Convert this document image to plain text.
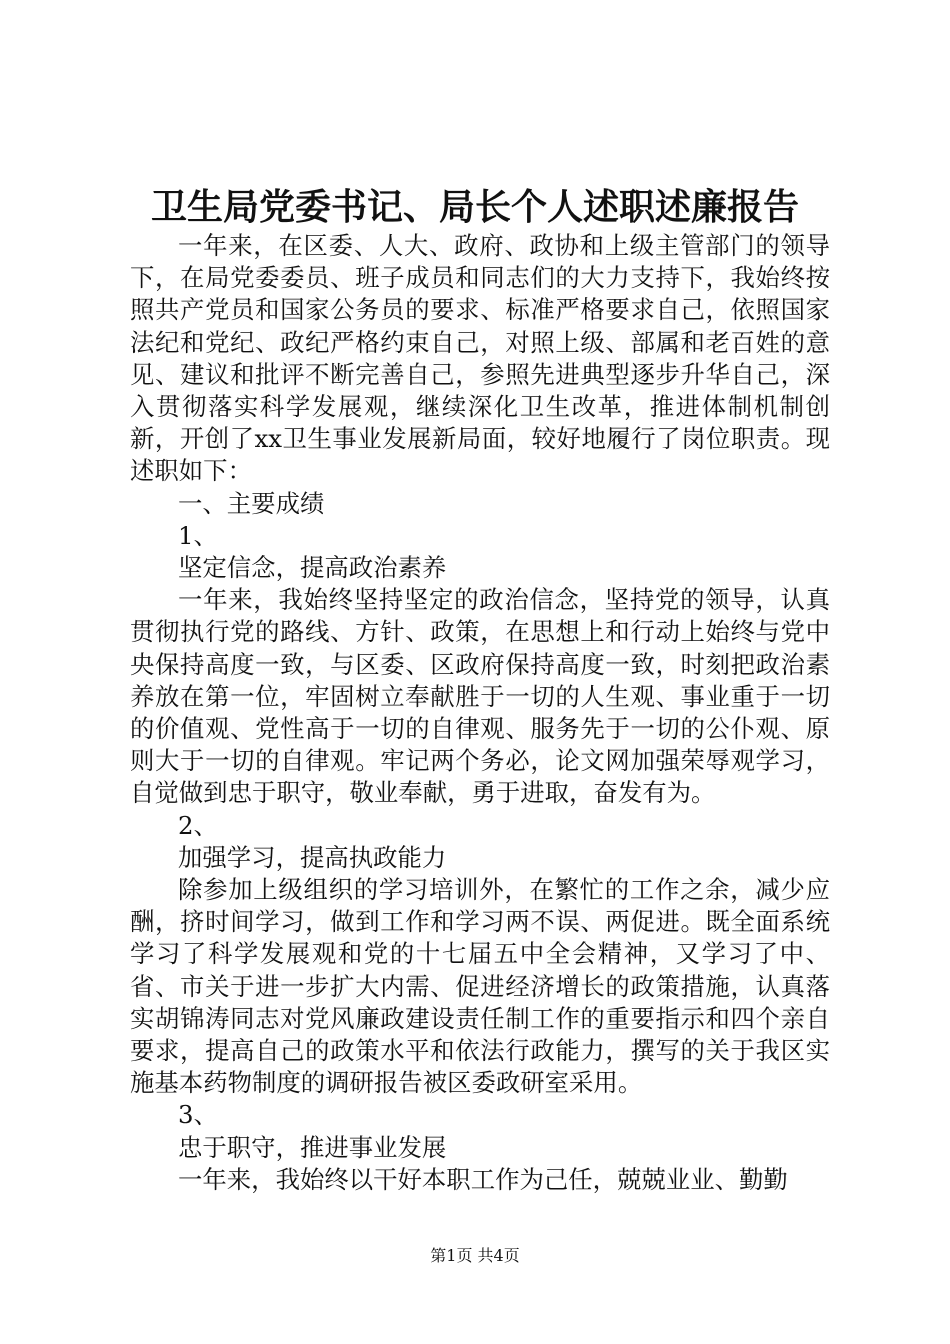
卫生局党委书记、局长个人述职述廉报告

一年来，在区委、人大、政府、政协和上级主管部门的领导下，在局党委委员、班子成员和同志们的大力支持下，我始终按照共产党员和国家公务员的要求、标准严格要求自己，依照国家法纪和党纪、政纪严格约束自己，对照上级、部属和老百姓的意见、建议和批评不断完善自己，参照先进典型逐步升华自己，深入贯彻落实科学发展观，继续深化卫生改革，推进体制机制创新，开创了xx卫生事业发展新局面，较好地履行了岗位职责。现述职如下：

一、主要成绩

1、

坚定信念，提高政治素养

一年来，我始终坚持坚定的政治信念，坚持党的领导，认真贯彻执行党的路线、方针、政策，在思想上和行动上始终与党中央保持高度一致，与区委、区政府保持高度一致，时刻把政治素养放在第一位，牢固树立奉献胜于一切的人生观、事业重于一切的价值观、党性高于一切的自律观、服务先于一切的公仆观、原则大于一切的自律观。牢记两个务必，论文网加强荣辱观学习，自觉做到忠于职守，敬业奉献，勇于进取，奋发有为。

2、

加强学习，提高执政能力

除参加上级组织的学习培训外，在繁忙的工作之余，减少应酬，挤时间学习，做到工作和学习两不误、两促进。既全面系统学习了科学发展观和党的十七届五中全会精神，又学习了中、省、市关于进一步扩大内需、促进经济增长的政策措施，认真落实胡锦涛同志对党风廉政建设责任制工作的重要指示和四个亲自要求，提高自己的政策水平和依法行政能力，撰写的关于我区实施基本药物制度的调研报告被区委政研室采用。

3、

忠于职守，推进事业发展

一年来，我始终以干好本职工作为己任，兢兢业业、勤勤

第1页 共4页
